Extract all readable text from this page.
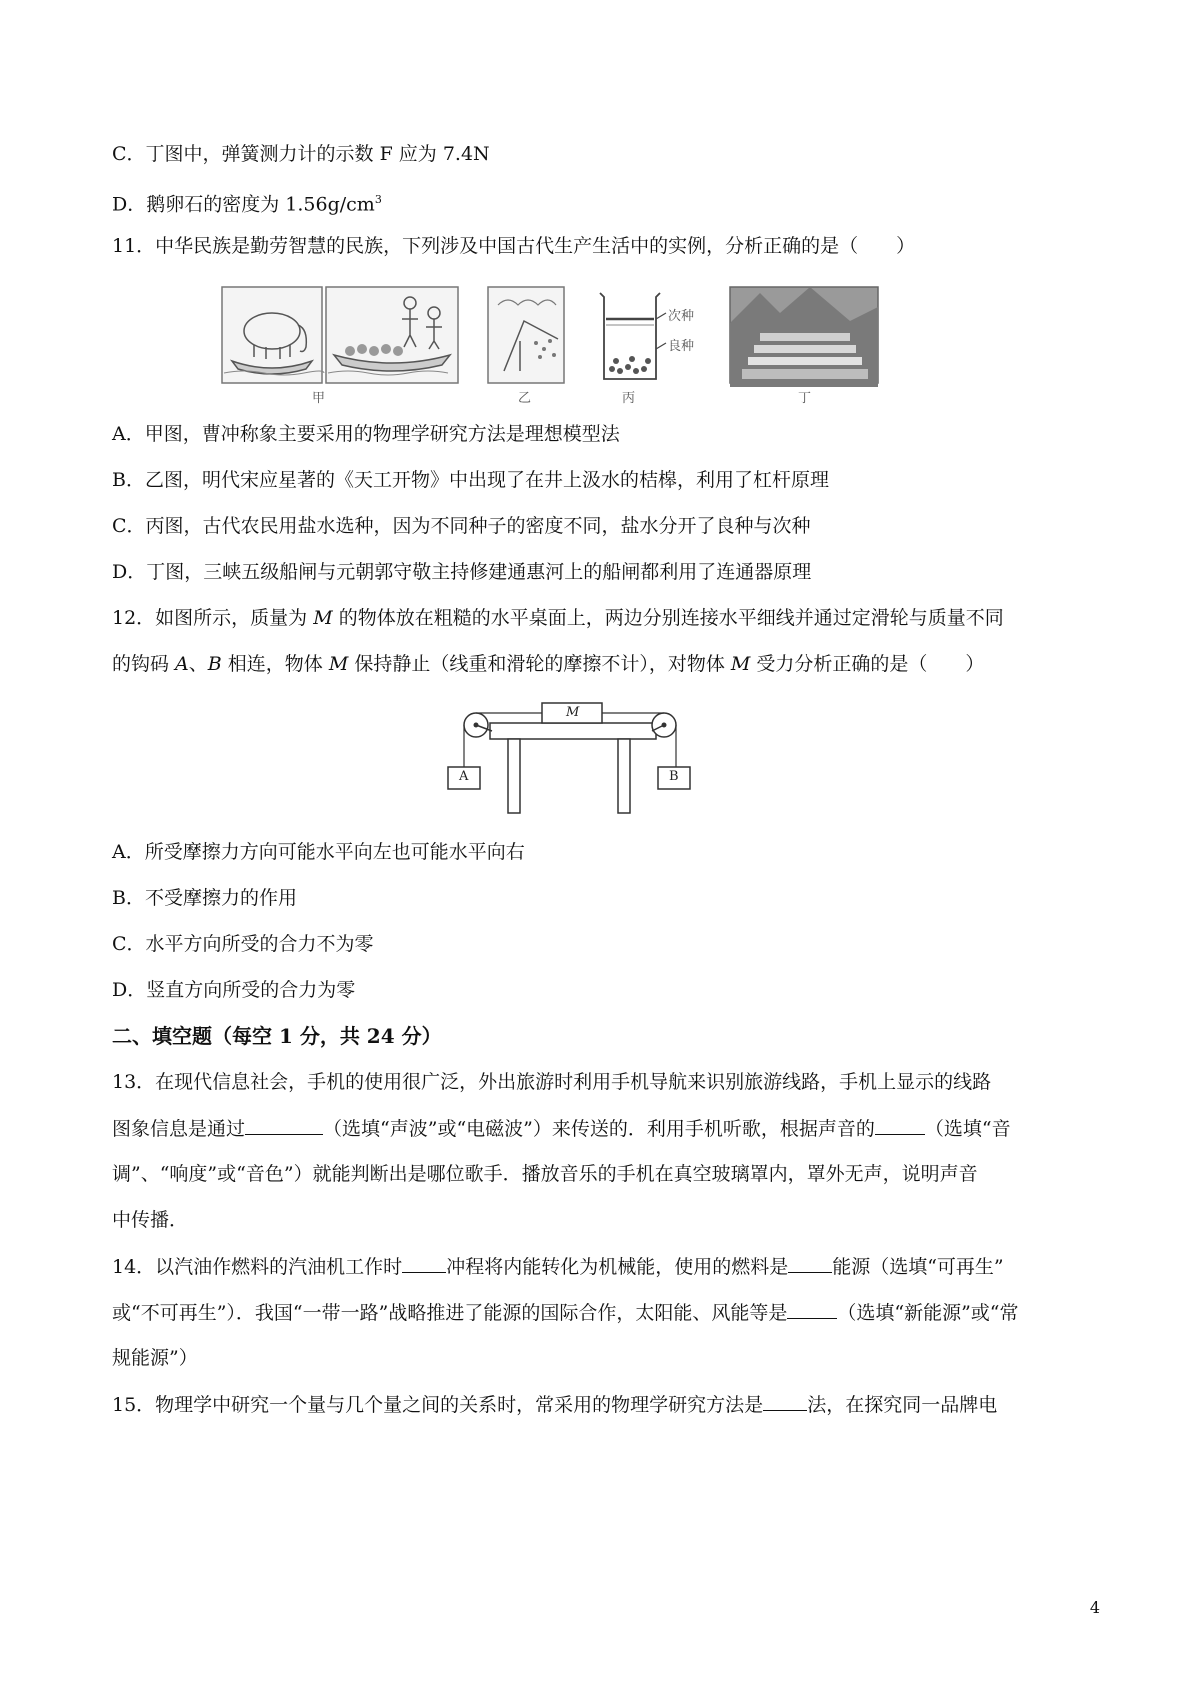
C．丁图中，弹簧测力计的示数 F 应为 7.4N
D．鹅卵石的密度为 $1.56g/cm^3$
11．中华民族是勤劳智慧的民族，下列涉及中国古代生产生活中的实例，分析正确的是（　　）
甲	乙	丙	丁
次种
良种
A．甲图，曹冲称象主要采用的物理学研究方法是理想模型法
B．乙图，明代宋应星著的《天工开物》中出现了在井上汲水的桔槔，利用了杠杆原理
C．丙图，古代农民用盐水选种，因为不同种子的密度不同，盐水分开了良种与次种
D．丁图，三峡五级船闸与元朝郭守敬主持修建通惠河上的船闸都利用了连通器原理
12．如图所示，质量为 M 的物体放在粗糙的水平桌面上，两边分别连接水平细线并通过定滑轮与质量不同
的钩码 A、B 相连，物体 M 保持静止（线重和滑轮的摩擦不计），对物体 M 受力分析正确的是（　　）
M
A	B
A．所受摩擦力方向可能水平向左也可能水平向右
B．不受摩擦力的作用
C．水平方向所受的合力不为零
D．竖直方向所受的合力为零
二、填空题（每空 1 分，共 24 分）
13．在现代信息社会，手机的使用很广泛，外出旅游时利用手机导航来识别旅游线路，手机上显示的线路
图象信息是通过	（选填“声波”或“电磁波”）来传送的．利用手机听歌，根据声音的	（选填“音
调”、“响度”或“音色”）就能判断出是哪位歌手．播放音乐的手机在真空玻璃罩内，罩外无声，说明声音
中传播．
14．以汽油作燃料的汽油机工作时 冲程将内能转化为机械能，使用的燃料是 能源（选填“可再生”
或“不可再生”）．我国“一带一路”战略推进了能源的国际合作，太阳能、风能等是	（选填“新能源”或“常
规能源”）
15．物理学中研究一个量与几个量之间的关系时，常采用的物理学研究方法是 法，在探究同一品牌电
4
